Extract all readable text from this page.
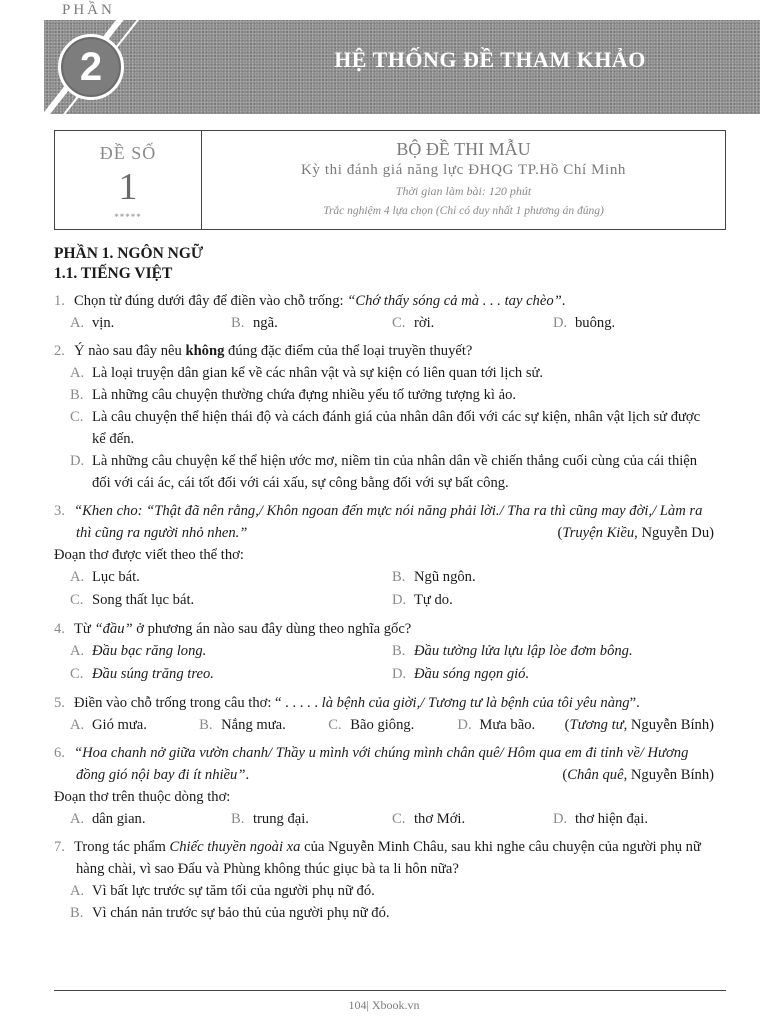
PHẦN
2	HỆ THỐNG ĐỀ THAM KHẢO
ĐỀ SỐ
1
*****
BỘ ĐỀ THI MẪU
Kỳ thi đánh giá năng lực ĐHQG TP.Hồ Chí Minh
Thời gian làm bài: 120 phút
Trắc nghiệm 4 lựa chọn (Chỉ có duy nhất 1 phương án đúng)
PHẦN 1. NGÔN NGỮ
1.1. TIẾNG VIỆT
1. Chọn từ đúng dưới đây để điền vào chỗ trống: “Chớ thấy sóng cả mà . . . tay chèo”.
A. vịn.	B. ngã.	C. rời.	D. buông.
2. Ý nào sau đây nêu không đúng đặc điểm của thể loại truyền thuyết?
A. Là loại truyện dân gian kể về các nhân vật và sự kiện có liên quan tới lịch sử.
B. Là những câu chuyện thường chứa đựng nhiều yếu tố tưởng tượng kì ảo.
C. Là câu chuyện thể hiện thái độ và cách đánh giá của nhân dân đối với các sự kiện, nhân vật lịch sử được kể đến.
D. Là những câu chuyện kể thể hiện ước mơ, niềm tin của nhân dân về chiến thắng cuối cùng của cái thiện đối với cái ác, cái tốt đối với cái xấu, sự công bằng đối với sự bất công.
3. “Khen cho: “Thật đã nên rằng,/ Khôn ngoan đến mực nói năng phải lời./ Tha ra thì cũng may đời,/ Làm ra thì cũng ra người nhỏ nhen.”	(Truyện Kiều, Nguyễn Du)
Đoạn thơ được viết theo thể thơ:
A. Lục bát.	B. Ngũ ngôn.
C. Song thất lục bát.	D. Tự do.
4. Từ “đầu” ở phương án nào sau đây dùng theo nghĩa gốc?
A. Đầu bạc răng long.	B. Đầu tường lửa lựu lập lòe đơm bông.
C. Đầu súng trăng treo.	D. Đầu sóng ngọn gió.
5. Điền vào chỗ trống trong câu thơ: “ . . . . . là bệnh của giời,/ Tương tư là bệnh của tôi yêu nàng”.
(Tương tư, Nguyễn Bính)
A. Gió mưa.	B. Nắng mưa.	C. Bão giông.	D. Mưa bão.
6. “Hoa chanh nở giữa vườn chanh/ Thầy u mình với chúng mình chân quê/ Hôm qua em đi tỉnh về/ Hương đồng gió nội bay đi ít nhiều”.	(Chân quê, Nguyễn Bính)
Đoạn thơ trên thuộc dòng thơ:
A. dân gian.	B. trung đại.	C. thơ Mới.	D. thơ hiện đại.
7. Trong tác phẩm Chiếc thuyền ngoài xa của Nguyễn Minh Châu, sau khi nghe câu chuyện của người phụ nữ hàng chài, vì sao Đẩu và Phùng không thúc giục bà ta li hôn nữa?
A. Vì bất lực trước sự tăm tối của người phụ nữ đó.
B. Vì chán nản trước sự bảo thủ của người phụ nữ đó.
104| Xbook.vn
